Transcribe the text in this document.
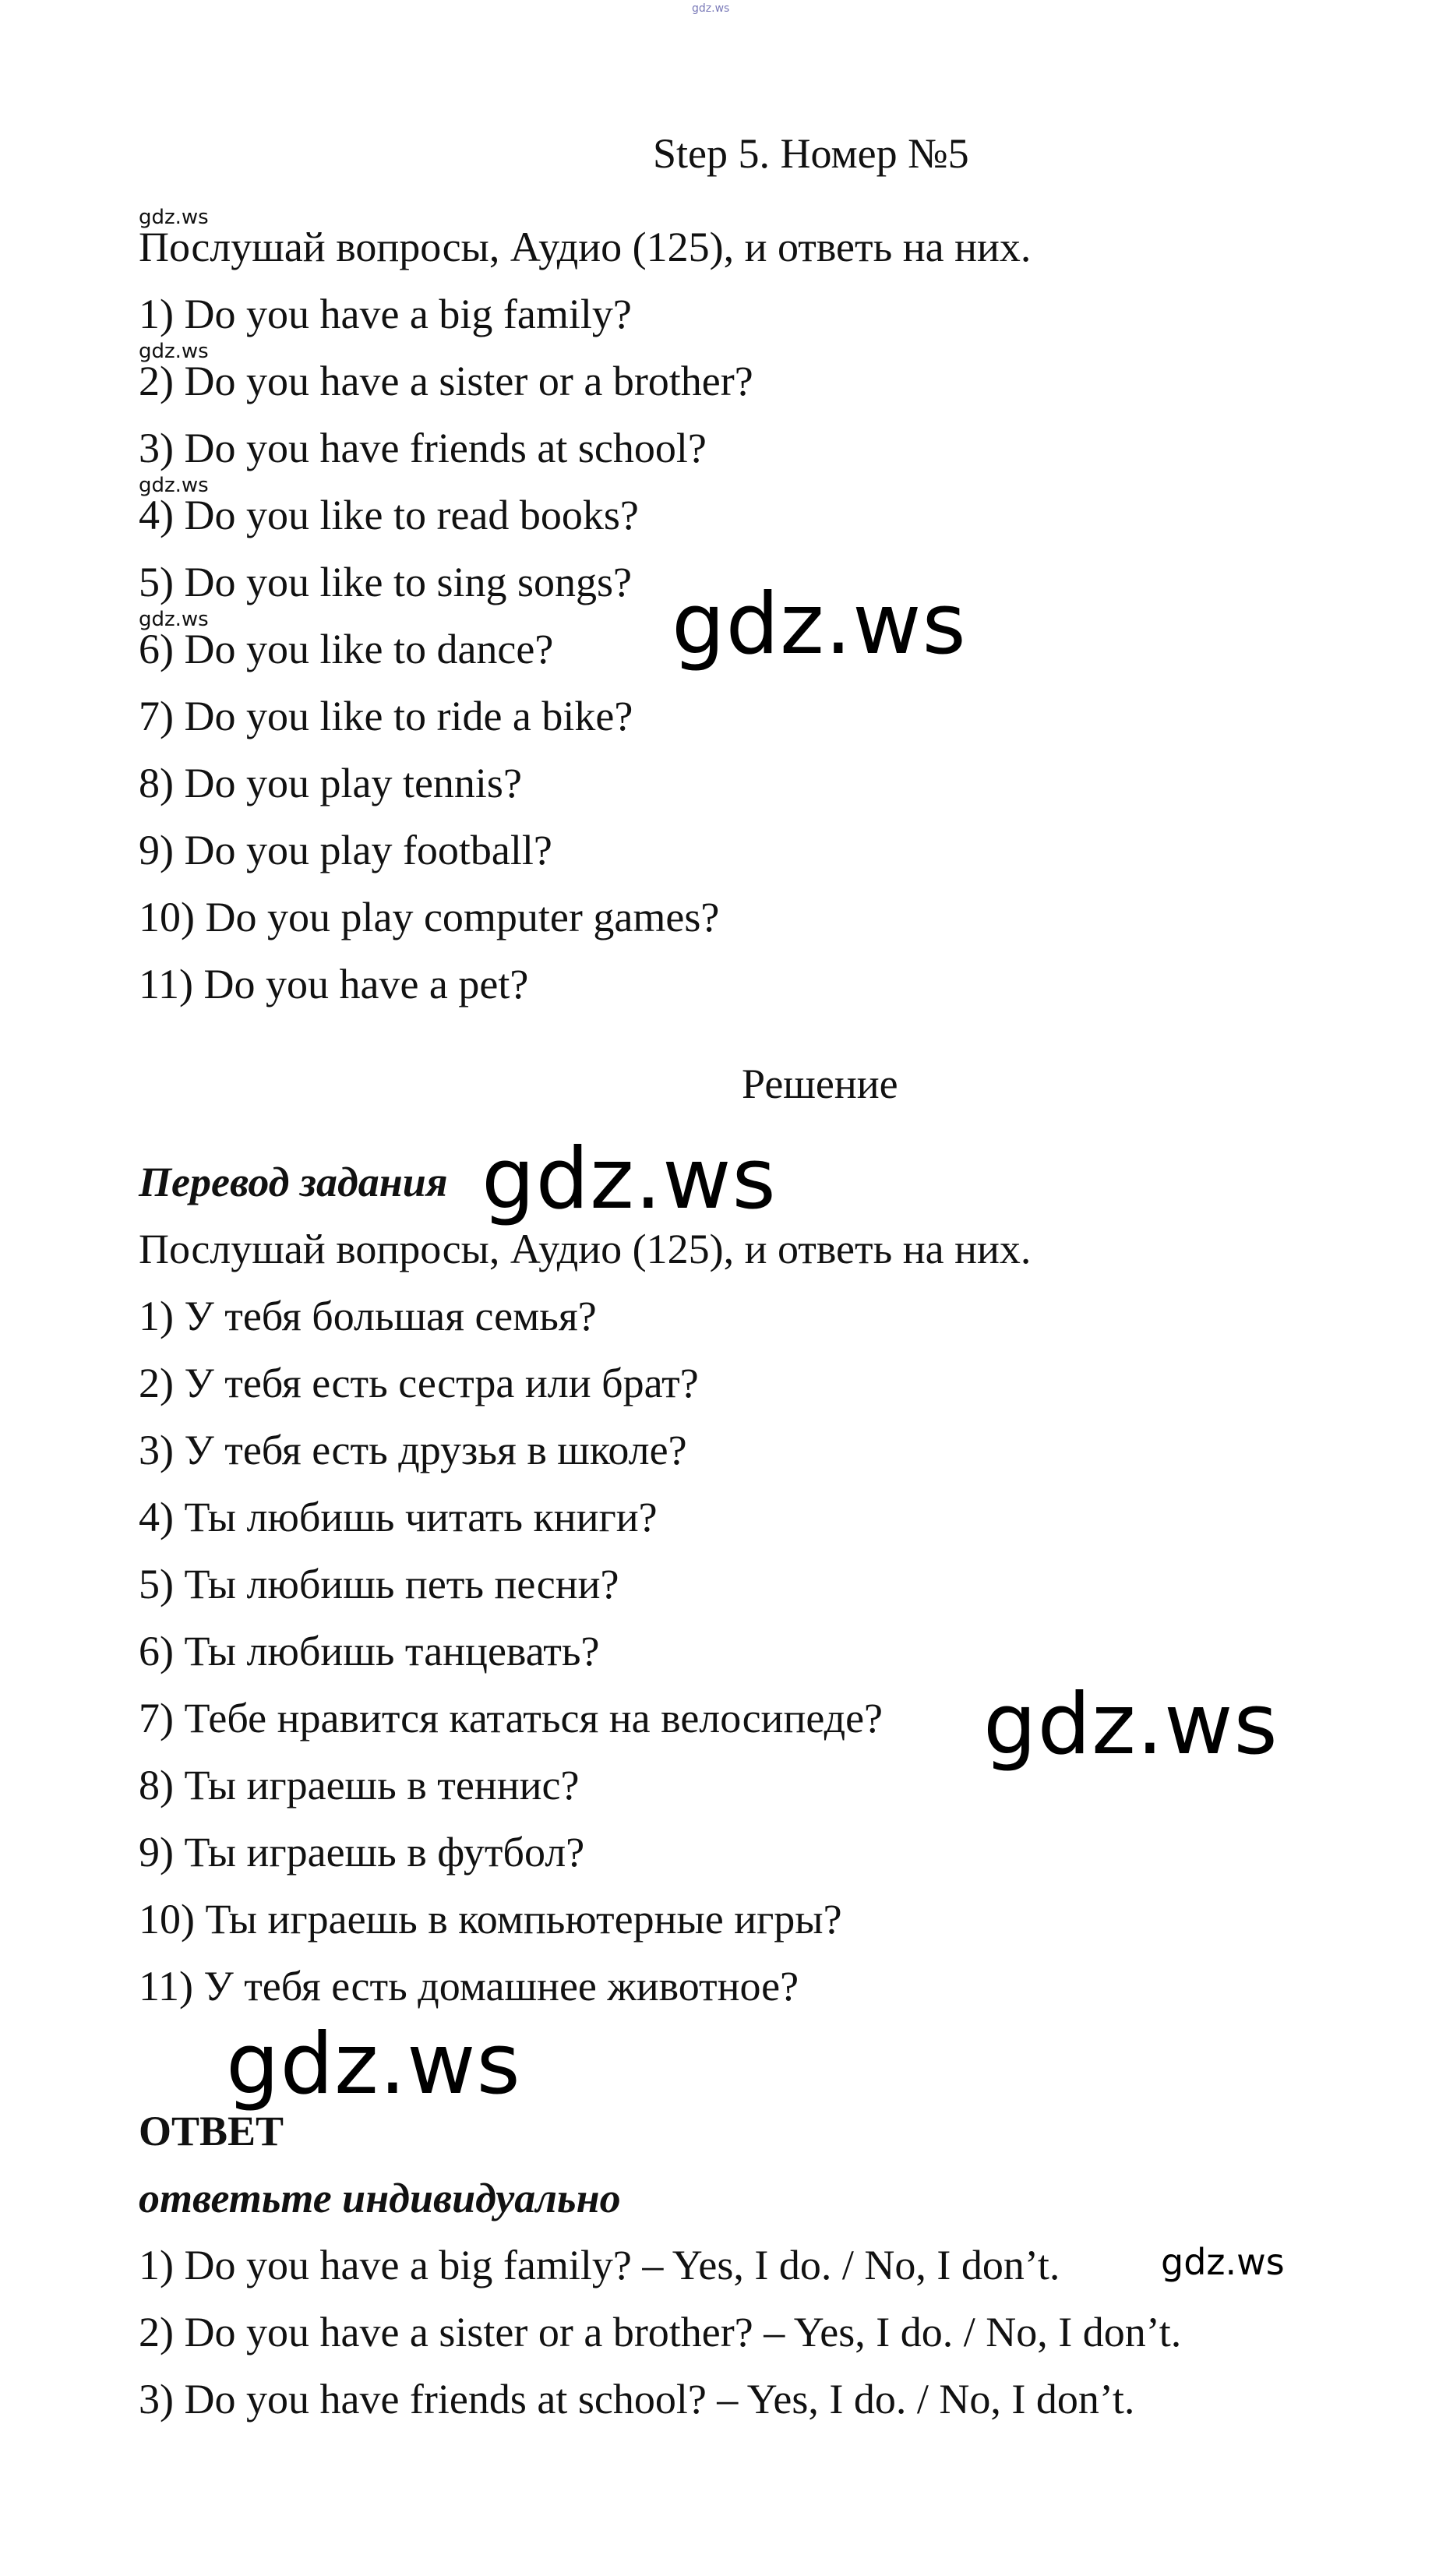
gdz.ws
Step 5. Номер №5
gdz.ws
Послушай вопросы, Аудио (125), и ответь на них.
1) Do you have a big family?
gdz.ws
2) Do you have a sister or a brother?
3) Do you have friends at school?
gdz.ws
4) Do you like to read books?
5) Do you like to sing songs?
gdz.ws
6) Do you like to dance?
7) Do you like to ride a bike?
8) Do you play tennis?
9) Do you play football?
10) Do you play computer games?
11) Do you have a pet?
gdz.ws
Решение
Перевод задания gdz.ws
Послушай вопросы, Аудио (125), и ответь на них.
1) У тебя большая семья?
2) У тебя есть сестра или брат?
3) У тебя есть друзья в школе?
4) Ты любишь читать книги?
5) Ты любишь петь песни?
6) Ты любишь танцевать?
7) Тебе нравится кататься на велосипеде?
8) Ты играешь в теннис?
9) Ты играешь в футбол?
10) Ты играешь в компьютерные игры?
11) У тебя есть домашнее животное?
gdz.ws
gdz.ws
ОТВЕТ
ответьте индивидуально
1) Do you have a big family? – Yes, I do. / No, I don’t.	gdz.ws
2) Do you have a sister or a brother? – Yes, I do. / No, I don’t.
3) Do you have friends at school? – Yes, I do. / No, I don’t.
